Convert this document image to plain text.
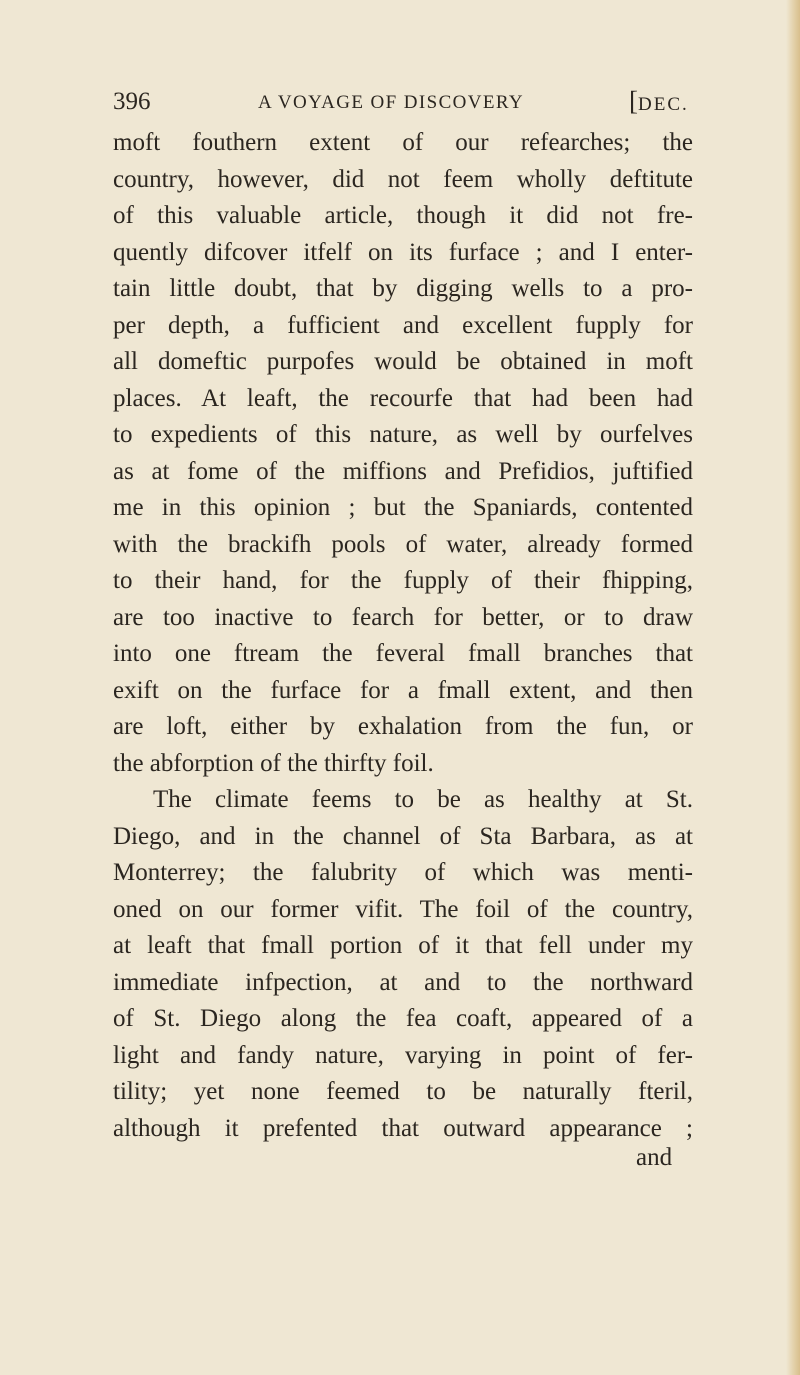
396	A VOYAGE OF DISCOVERY	[DEC.
moft fouthern extent of our refearches; the
country, however, did not feem wholly deftitute
of this valuable article, though it did not fre-
quently difcover itfelf on its furface ; and I enter-
tain little doubt, that by digging wells to a pro-
per depth, a fufficient and excellent fupply for
all domeftic purpofes would be obtained in moft
places. At leaft, the recourfe that had been had
to expedients of this nature, as well by ourfelves
as at fome of the miffions and Prefidios, juftified
me in this opinion ; but the Spaniards, contented
with the brackifh pools of water, already formed
to their hand, for the fupply of their fhipping,
are too inactive to fearch for better, or to draw
into one ftream the feveral fmall branches that
exift on the furface for a fmall extent, and then
are loft, either by exhalation from the fun, or
the abforption of the thirfty foil.
The climate feems to be as healthy at St.
Diego, and in the channel of Sta Barbara, as at
Monterrey; the falubrity of which was menti-
oned on our former vifit. The foil of the country,
at leaft that fmall portion of it that fell under my
immediate infpection, at and to the northward
of St. Diego along the fea coaft, appeared of a
light and fandy nature, varying in point of fer-
tility; yet none feemed to be naturally fteril,
although it prefented that outward appearance ;
and
